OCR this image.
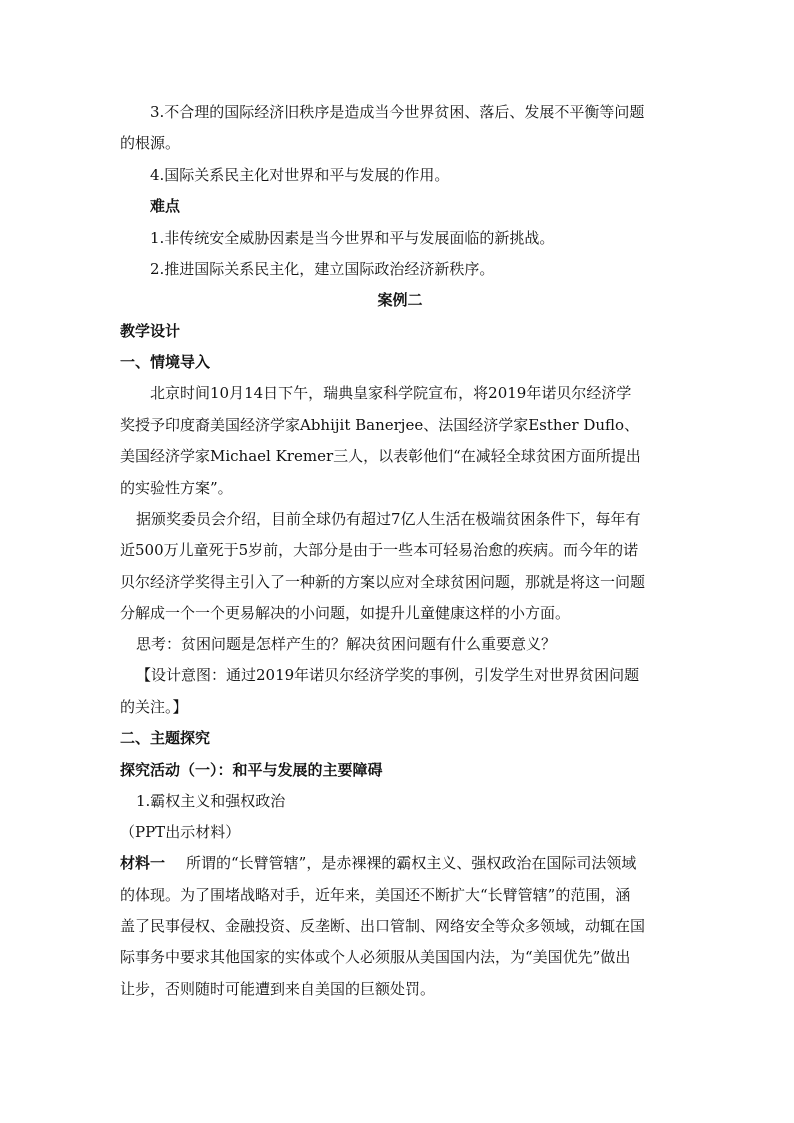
3.不合理的国际经济旧秩序是造成当今世界贫困、落后、发展不平衡等问题
的根源。
4.国际关系民主化对世界和平与发展的作用。
难点
1.非传统安全威胁因素是当今世界和平与发展面临的新挑战。
2.推进国际关系民主化，建立国际政治经济新秩序。
案例二
教学设计
一、情境导入
北京时间10月14日下午，瑞典皇家科学院宣布，将2019年诺贝尔经济学
奖授予印度裔美国经济学家Abhijit Banerjee、法国经济学家Esther Duflo、
美国经济学家Michael Kremer三人，以表彰他们“在减轻全球贫困方面所提出
的实验性方案”。
据颁奖委员会介绍，目前全球仍有超过7亿人生活在极端贫困条件下，每年有
近500万儿童死于5岁前，大部分是由于一些本可轻易治愈的疾病。而今年的诺
贝尔经济学奖得主引入了一种新的方案以应对全球贫困问题，那就是将这一问题
分解成一个一个更易解决的小问题，如提升儿童健康这样的小方面。
思考：贫困问题是怎样产生的？解决贫困问题有什么重要意义？
【设计意图：通过2019年诺贝尔经济学奖的事例，引发学生对世界贫困问题
的关注。】
二、主题探究
探究活动（一）：和平与发展的主要障碍
1.霸权主义和强权政治
（PPT出示材料）
材料一	所谓的“长臂管辖”，是赤裸裸的霸权主义、强权政治在国际司法领域
的体现。为了围堵战略对手，近年来，美国还不断扩大“长臂管辖”的范围，涵
盖了民事侵权、金融投资、反垄断、出口管制、网络安全等众多领域，动辄在国
际事务中要求其他国家的实体或个人必须服从美国国内法，为“美国优先”做出
让步，否则随时可能遭到来自美国的巨额处罚。
